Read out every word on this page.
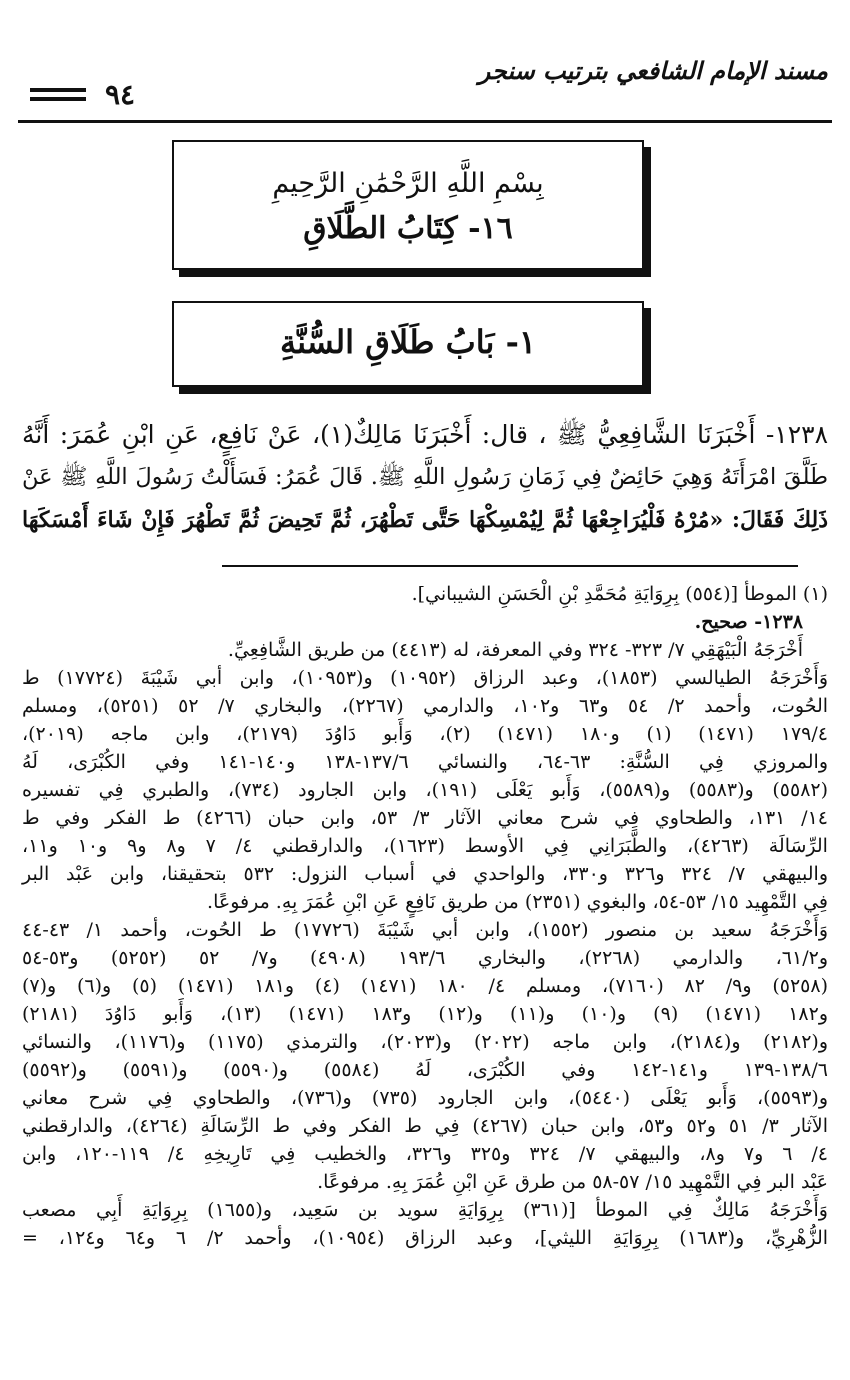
مسند الإمام الشافعي بترتيب سنجر
٩٤
بِسْمِ اللَّهِ الرَّحْمَٰنِ الرَّحِيمِ
١٦- كِتَابُ الطَّلَاقِ
١- بَابُ طَلَاقِ السُّنَّةِ

١٢٣٨- أَخْبَرَنَا الشَّافِعِيُّ ﷺ ، قال: أَخْبَرَنَا مَالِكٌ(١)، عَنْ نَافِعٍ، عَنِ ابْنِ عُمَرَ: أَنَّهُ

طَلَّقَ امْرَأَتَهُ وَهِيَ حَائِضٌ فِي زَمَانِ رَسُولِ اللَّهِ ﷺ. قَالَ عُمَرُ: فَسَأَلْتُ رَسُولَ اللَّهِ ﷺ عَنْ

ذَلِكَ فَقَالَ: «مُرْهُ فَلْيُرَاجِعْهَا ثُمَّ لِيُمْسِكْهَا حَتَّى تَطْهُرَ، ثُمَّ تَحِيضَ ثُمَّ تَطْهُرَ فَإِنْ شَاءَ أَمْسَكَهَا

(١) الموطأ [(٥٥٤) بِرِوَايَةِ مُحَمَّدِ بْنِ الْحَسَنِ الشيباني].

١٢٣٨- صحيح.

أَخْرَجَهُ الْبَيْهَقِي ٧/ ٣٢٣- ٣٢٤ وفي المعرفة، له (٤٤١٣) من طريق الشَّافِعِيِّ.

وَأَخْرَجَهُ الطيالسي (١٨٥٣)، وعبد الرزاق (١٠٩٥٢) و(١٠٩٥٣)، وابن أبي شَيْبَةَ (١٧٧٢٤) ط

الحُوت، وأحمد ٢/ ٥٤ و٦٣ و١٠٢، والدارمي (٢٢٦٧)، والبخاري ٧/ ٥٢ (٥٢٥١)، ومسلم

١٧٩/٤ (١٤٧١) (١) و١٨٠ (١٤٧١) (٢)، وَأَبو دَاوُدَ (٢١٧٩)، وابن ماجه (٢٠١٩)،

والمروزي فِي السُّنَّةِ: ٦٣-٦٤، والنسائي ١٣٧/٦-١٣٨ و١٤٠-١٤١ وفي الكُبْرَى، لَهُ

(٥٥٨٢) و(٥٥٨٣) و(٥٥٨٩)، وَأَبو يَعْلَى (١٩١)، وابن الجارود (٧٣٤)، والطبري فِي تفسيره

١٤/ ١٣١، والطحاوي فِي شرح معاني الآثار ٣/ ٥٣، وابن حبان (٤٢٦٦) ط الفكر وفي ط

الرِّسَالَة (٤٢٦٣)، والطَّبَرَانِي فِي الأوسط (١٦٢٣)، والدارقطني ٤/ ٧ و٨ و٩ و١٠ و١١،

والبيهقي ٧/ ٣٢٤ و٣٢٦ و٣٣٠، والواحدي في أسباب النزول: ٥٣٢ بتحقيقنا، وابن عَبْد البر

فِي التَّمْهِيد ١٥/ ٥٣-٥٤، والبغوي (٢٣٥١) من طريق نَافِعٍ عَنِ ابْنِ عُمَرَ بِهِ. مرفوعًا.

وَأَخْرَجَهُ سعيد بن منصور (١٥٥٢)، وابن أبي شَيْبَةَ (١٧٧٢٦) ط الحُوت، وأحمد ١/ ٤٣-٤٤

و٦١/٢، والدارمي (٢٢٦٨)، والبخاري ١٩٣/٦ (٤٩٠٨) و٧/ ٥٢ (٥٢٥٢) و٥٣-٥٤

(٥٢٥٨) و٩/ ٨٢ (٧١٦٠)، ومسلم ٤/ ١٨٠ (١٤٧١) (٤) و١٨١ (١٤٧١) (٥) و(٦) و(٧)

و١٨٢ (١٤٧١) (٩) و(١٠) و(١١) و(١٢) و١٨٣ (١٤٧١) (١٣)، وَأَبو دَاوُدَ (٢١٨١)

و(٢١٨٢) و(٢١٨٤)، وابن ماجه (٢٠٢٢) و(٢٠٢٣)، والترمذي (١١٧٥) و(١١٧٦)، والنسائي

١٣٨/٦-١٣٩ و١٤١-١٤٢ وفي الكُبْرَى، لَهُ (٥٥٨٤) و(٥٥٩٠) و(٥٥٩١) و(٥٥٩٢)

و(٥٥٩٣)، وَأَبو يَعْلَى (٥٤٤٠)، وابن الجارود (٧٣٥) و(٧٣٦)، والطحاوي فِي شرح معاني

الآثار ٣/ ٥١ و٥٢ و٥٣، وابن حبان (٤٢٦٧) فِي ط الفكر وفي ط الرِّسَالَةِ (٤٢٦٤)، والدارقطني

٤/ ٦ و٧ و٨، والبيهقي ٧/ ٣٢٤ و٣٢٥ و٣٢٦، والخطيب فِي تَارِيخِهِ ٤/ ١١٩-١٢٠، وابن

عَبْد البر فِي التَّمْهِيد ١٥/ ٥٧-٥٨ من طرق عَنِ ابْنِ عُمَرَ بِهِ. مرفوعًا.

وَأَخْرَجَهُ مَالِكٌ فِي الموطأ [(٣٦١) بِرِوَايَةِ سويد بن سَعِيد، و(١٦٥٥) بِرِوَايَةِ أَبِي مصعب

الزُّهْرِيِّ، و(١٦٨٣) بِرِوَايَةِ الليثي]، وعبد الرزاق (١٠٩٥٤)، وأحمد ٢/ ٦ و٦٤ و١٢٤، =
